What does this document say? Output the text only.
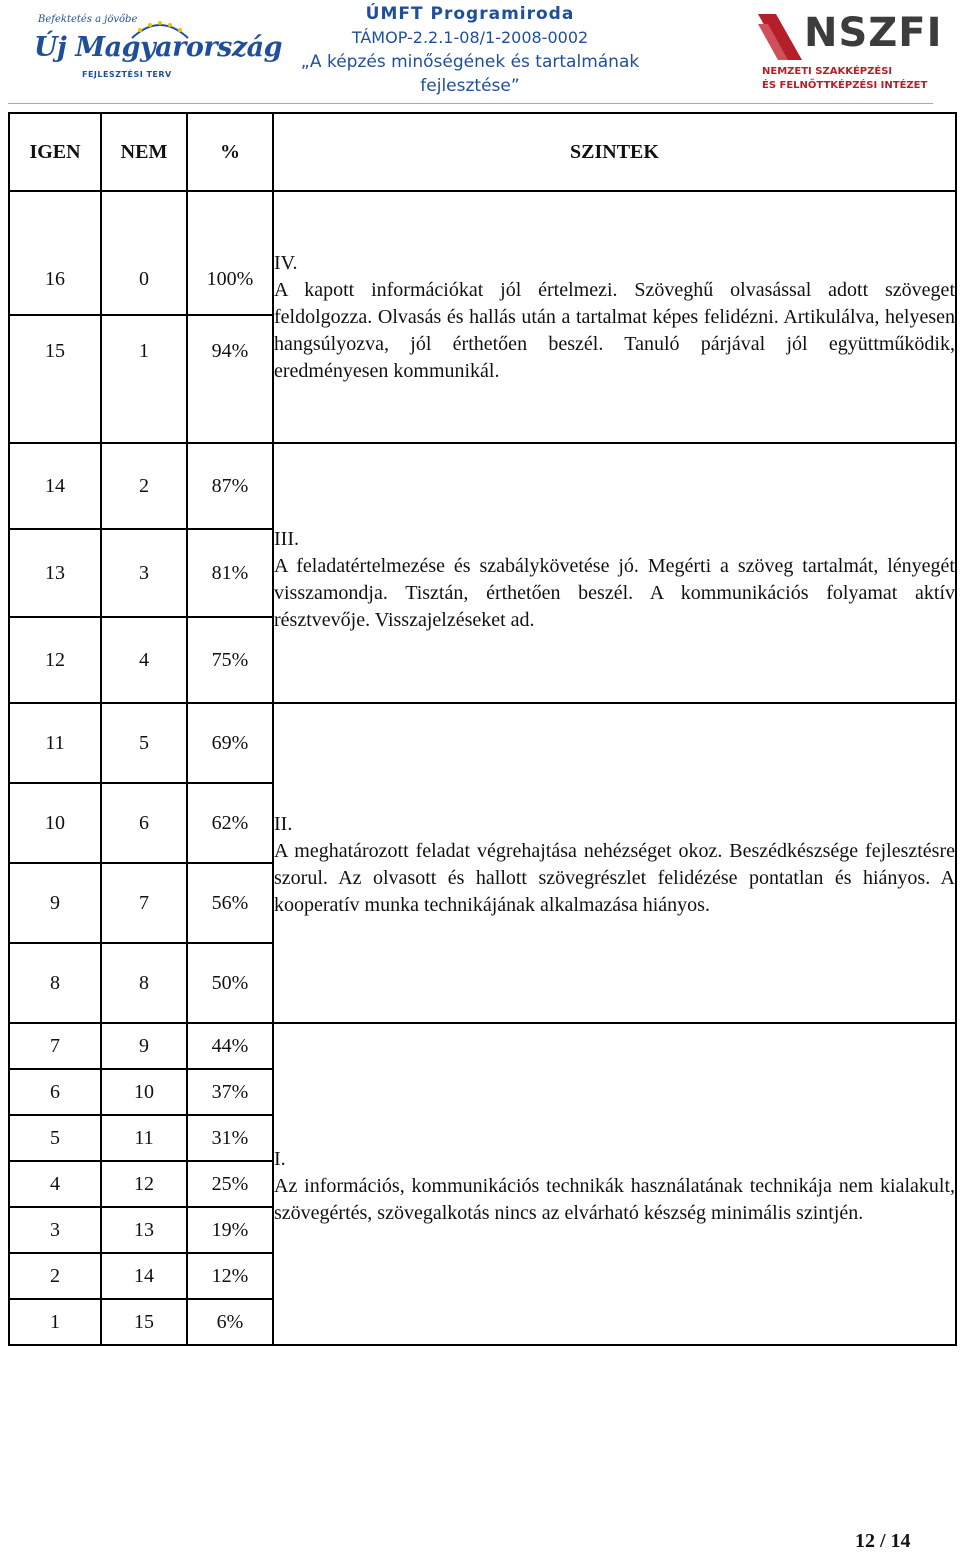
Befektetés a jövőbe
Új Magyarország
FEJLESZTÉSI TERV
ÚMFT Programiroda
TÁMOP-2.2.1-08/1-2008-0002
„A képzés minőségének és tartalmának
fejlesztése”
NSZFI
NEMZETI SZAKKÉPZÉSI
ÉS FELNŐTTKÉPZÉSI INTÉZET
IGEN	NEM	%	SZINTEK

16	0	100%	IV.
A kapott információkat jól értelmezi. Szöveghű olvasással adott szöveget feldolgozza. Olvasás és hallás után a tartalmat képes felidézni. Artikulálva, helyesen hangsúlyozva, jól érthetően beszél. Tanuló párjával jól együttműködik, eredményesen kommunikál.

15	1	94%	

14	2	87%	III.
A feladatértelmezése és szabálykövetése jó. Megérti a szöveg tartalmát, lényegét visszamondja. Tisztán, érthetően beszél. A kommunikációs folyamat aktív résztvevője. Visszajelzéseket ad.

13	3	81%	
12	4	75%	
11	5	69%	II.
A meghatározott feladat végrehajtása nehézséget okoz. Beszédkészsége fejlesztésre szorul. Az olvasott és hallott szövegrészlet felidézése pontatlan és hiányos. A kooperatív munka technikájának alkalmazása hiányos.

10	6	62%	
9	7	56%	
8	8	50%	
7	9	44%	I.
Az információs, kommunikációs technikák használatának technikája nem kialakult, szövegértés, szövegalkotás nincs az elvárható készség minimális szintjén.

6	10	37%	
5	11	31%	
4	12	25%	
3	13	19%	
2	14	12%	
1	15	6%	
12 / 14
